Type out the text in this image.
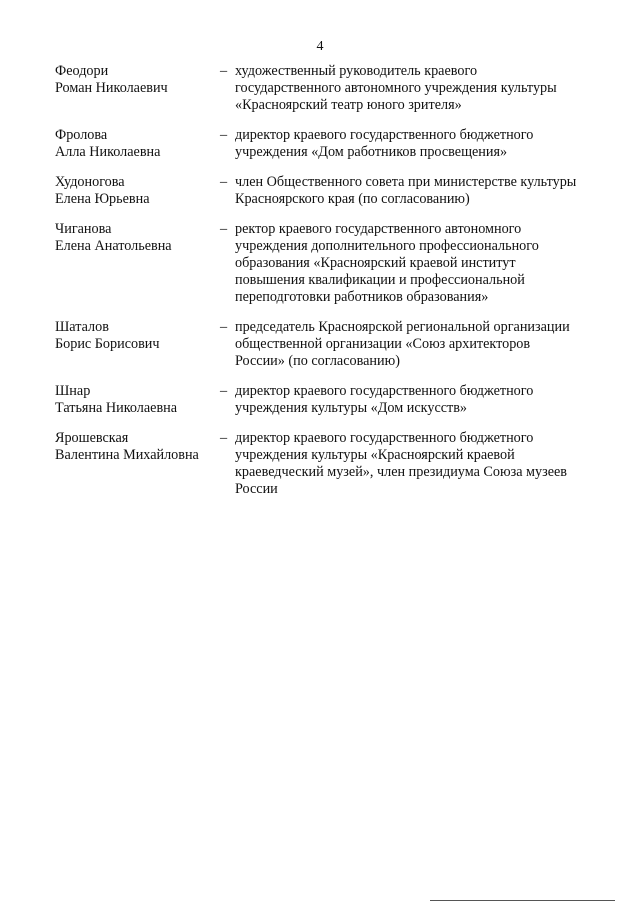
4
Феодори
Роман Николаевич
– художественный руководитель краевого
государственного автономного учреждения культуры
«Красноярский театр юного зрителя»
Фролова
Алла Николаевна
– директор краевого государственного бюджетного
учреждения «Дом работников просвещения»
Худоногова
Елена Юрьевна
– член Общественного совета при министерстве культуры
Красноярского края (по согласованию)
Чиганова
Елена Анатольевна
– ректор краевого государственного автономного
учреждения дополнительного профессионального
образования «Красноярский краевой институт
повышения квалификации и профессиональной
переподготовки работников образования»
Шаталов
Борис Борисович
– председатель Красноярской региональной организации
общественной организации «Союз архитекторов
России» (по согласованию)
Шнар
Татьяна Николаевна
– директор краевого государственного бюджетного
учреждения культуры «Дом искусств»
Ярошевская
Валентина Михайловна
– директор краевого государственного бюджетного
учреждения культуры «Красноярский краевой
краеведческий музей», член президиума Союза музеев
России
